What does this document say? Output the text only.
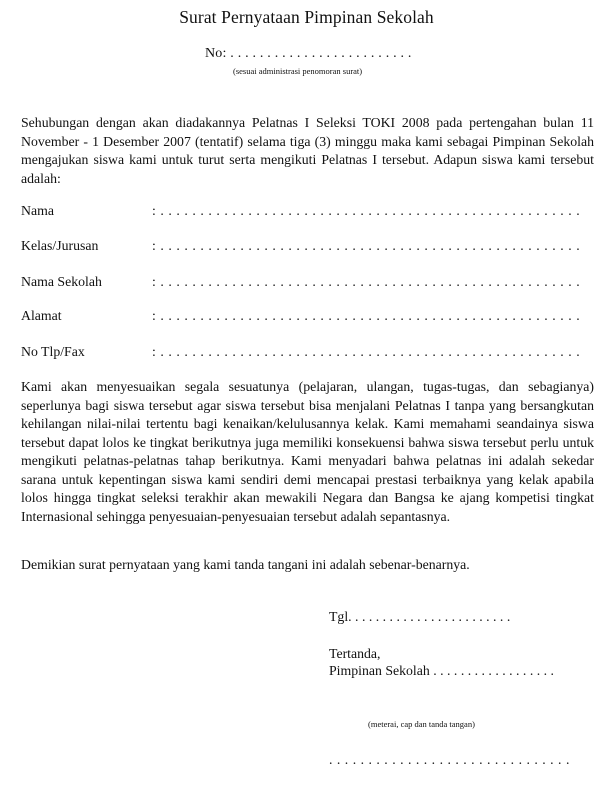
Surat Pernyataan Pimpinan Sekolah
No: . . . . . . . . . . . . . . . . . . . . . . . . .
(sesuai administrasi penomoran surat)
Sehubungan dengan akan diadakannya Pelatnas I Seleksi TOKI 2008 pada pertengahan bulan 11 November - 1 Desember 2007 (tentatif) selama tiga (3) minggu maka kami sebagai Pimpinan Sekolah mengajukan siswa kami untuk turut serta mengikuti Pelatnas I tersebut. Adapun siswa kami tersebut adalah:
Nama	: . . . . . . . . . . . . . . . . . . . . . . . . . . . . . . . . . . . . . . . . . . . . . . . . . . . . .
Kelas/Jurusan	: . . . . . . . . . . . . . . . . . . . . . . . . . . . . . . . . . . . . . . . . . . . . . . . . . . . . .
Nama Sekolah	: . . . . . . . . . . . . . . . . . . . . . . . . . . . . . . . . . . . . . . . . . . . . . . . . . . . . .
Alamat	: . . . . . . . . . . . . . . . . . . . . . . . . . . . . . . . . . . . . . . . . . . . . . . . . . . . . .
No Tlp/Fax	: . . . . . . . . . . . . . . . . . . . . . . . . . . . . . . . . . . . . . . . . . . . . . . . . . . . . .
Kami akan menyesuaikan segala sesuatunya (pelajaran, ulangan, tugas-tugas, dan sebagianya) seperlunya bagi siswa tersebut agar siswa tersebut bisa menjalani Pelatnas I tanpa yang bersangkutan kehilangan nilai-nilai tertentu bagi kenaikan/kelulusannya kelak. Kami memahami seandainya siswa tersebut dapat lolos ke tingkat berikutnya juga memiliki konsekuensi bahwa siswa tersebut perlu untuk mengikuti pelatnas-pelatnas tahap berikutnya. Kami menyadari bahwa pelatnas ini adalah sekedar sarana untuk kepentingan siswa kami sendiri demi mencapai prestasi terbaiknya yang kelak apabila lolos hingga tingkat seleksi terakhir akan mewakili Negara dan Bangsa ke ajang kompetisi tingkat Internasional sehingga penyesuaian-penyesuaian tersebut adalah sepantasnya.
Demikian surat pernyataan yang kami tanda tangani ini adalah sebenar-benarnya.
Tgl. . . . . . . . . . . . . . . . . . . . . . . .
Tertanda,
Pimpinan Sekolah . . . . . . . . . . . . . . . . . .
(meterai, cap dan tanda tangan)
. . . . . . . . . . . . . . . . . . . . . . . . . . . . . . .
